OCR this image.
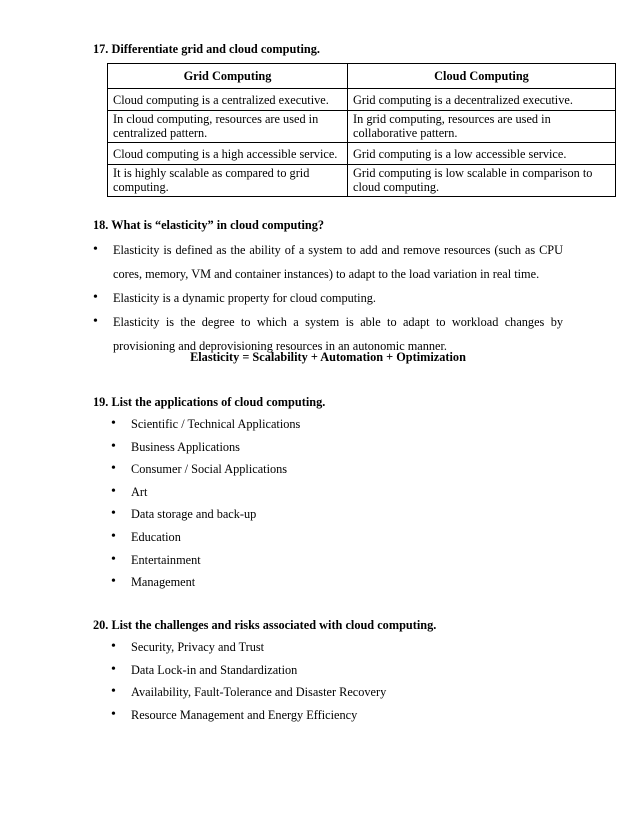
17. Differentiate grid and cloud computing.
Grid Computing	Cloud Computing
Cloud computing is a centralized executive.	Grid computing is a decentralized executive.
In cloud computing, resources are used in centralized pattern.	In grid computing, resources are used in collaborative pattern.
Cloud computing is a high accessible service.	Grid computing is a low accessible service.
It is highly scalable as compared to grid computing.	Grid computing is low scalable in comparison to cloud computing.
18. What is “elasticity” in cloud computing?
• Elasticity is defined as the ability of a system to add and remove resources (such as CPU cores, memory, VM and container instances) to adapt to the load variation in real time.
• Elasticity is a dynamic property for cloud computing.
• Elasticity is the degree to which a system is able to adapt to workload changes by provisioning and deprovisioning resources in an autonomic manner.
Elasticity = Scalability + Automation + Optimization
19. List the applications of cloud computing.
• Scientific / Technical Applications
• Business Applications
• Consumer / Social Applications
• Art
• Data storage and back-up
• Education
• Entertainment
• Management
20. List the challenges and risks associated with cloud computing.
• Security, Privacy and Trust
• Data Lock-in and Standardization
• Availability, Fault-Tolerance and Disaster Recovery
• Resource Management and Energy Efficiency
